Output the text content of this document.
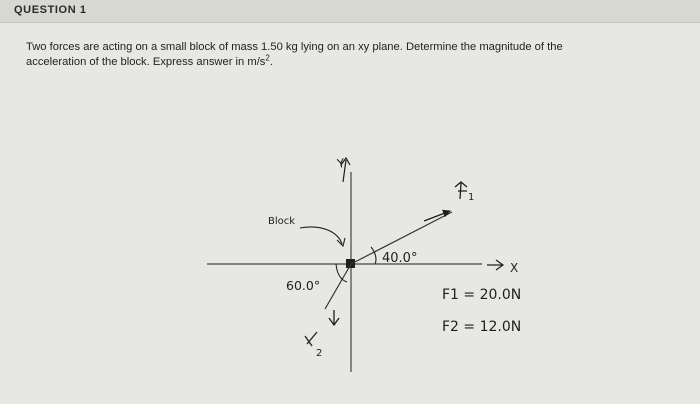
QUESTION 1
Two forces are acting on a small block of mass 1.50 kg lying on an xy plane. Determine the magnitude of the
acceleration of the block. Express answer in $m/s^2$.
Y
X
Block
1
40.0°
2
60.0°
F1 = 20.0N
F2 = 12.0N
